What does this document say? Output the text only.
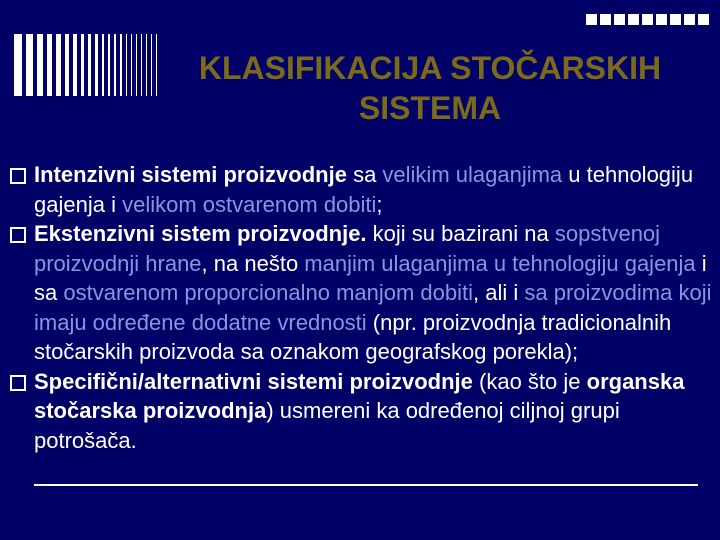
KLASIFIKACIJA STOČARSKIH
SISTEMA

Intenzivni sistemi proizvodnje sa velikim ulaganjima u tehnologiju gajenja i velikom ostvarenom dobiti;

Ekstenzivni sistem proizvodnje. koji su bazirani na sopstvenoj proizvodnji hrane, na nešto manjim ulaganjima u tehnologiju gajenja i sa ostvarenom proporcionalno manjom dobiti, ali i sa proizvodima koji imaju određene dodatne vrednosti (npr. proizvodnja tradicionalnih stočarskih proizvoda sa oznakom geografskog porekla);

Specifični/alternativni sistemi proizvodnje (kao što je organska stočarska proizvodnja) usmereni ka određenoj ciljnoj grupi potrošača.
